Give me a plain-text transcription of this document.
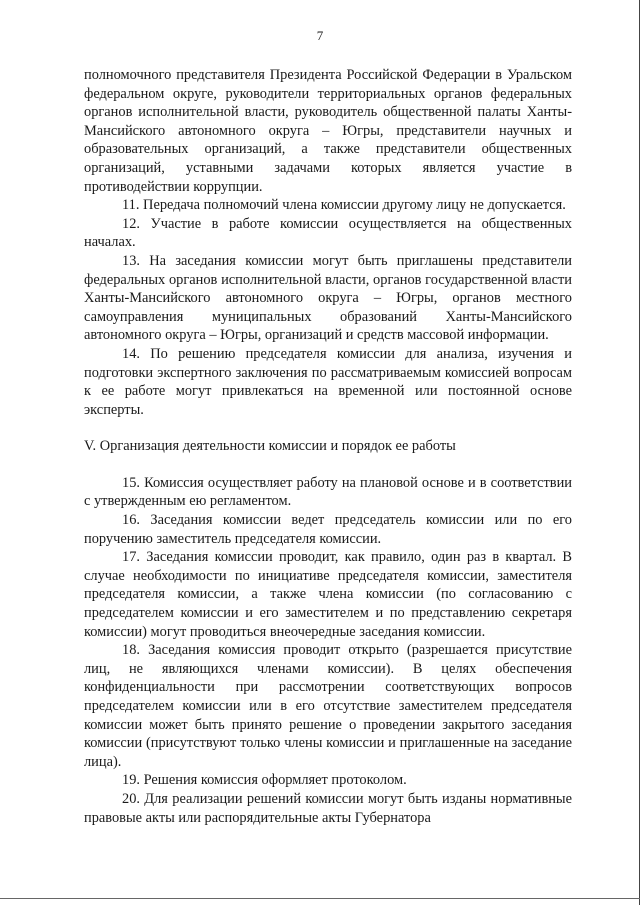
7

полномочного представителя Президента Российской Федерации в Уральском федеральном округе, руководители территориальных органов федеральных органов исполнительной власти, руководитель общественной палаты Ханты-Мансийского автономного округа – Югры, представители научных и образовательных организаций, а также представители общественных организаций, уставными задачами которых является участие в противодействии коррупции.

11. Передача полномочий члена комиссии другому лицу не допускается.

12. Участие в работе комиссии осуществляется на общественных началах.

13. На заседания комиссии могут быть приглашены представители федеральных органов исполнительной власти, органов государственной власти Ханты-Мансийского автономного округа – Югры, органов местного самоуправления муниципальных образований Ханты-Мансийского автономного округа – Югры, организаций и средств массовой информации.

14. По решению председателя комиссии для анализа, изучения и подготовки экспертного заключения по рассматриваемым комиссией вопросам к ее работе могут привлекаться на временной или постоянной основе эксперты.

V. Организация деятельности комиссии и порядок ее работы

15. Комиссия осуществляет работу на плановой основе и в соответствии с утвержденным ею регламентом.

16. Заседания комиссии ведет председатель комиссии или по его поручению заместитель председателя комиссии.

17. Заседания комиссии проводит, как правило, один раз в квартал. В случае необходимости по инициативе председателя комиссии, заместителя председателя комиссии, а также члена комиссии (по согласованию с председателем комиссии и его заместителем и по представлению секретаря комиссии) могут проводиться внеочередные заседания комиссии.

18. Заседания комиссия проводит открыто (разрешается присутствие лиц, не являющихся членами комиссии). В целях обеспечения конфиденциальности при рассмотрении соответствующих вопросов председателем комиссии или в его отсутствие заместителем председателя комиссии может быть принято решение о проведении закрытого заседания комиссии (присутствуют только члены комиссии и приглашенные на заседание лица).

19. Решения комиссия оформляет протоколом.

20. Для реализации решений комиссии могут быть изданы нормативные правовые акты или распорядительные акты Губернатора
